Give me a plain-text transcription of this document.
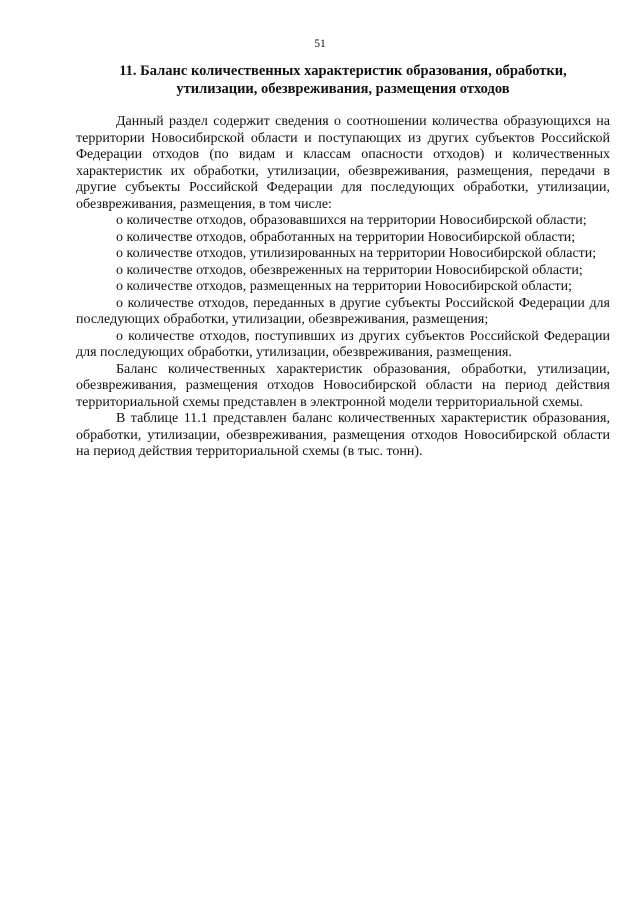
51
11. Баланс количественных характеристик образования, обработки,
утилизации, обезвреживания, размещения отходов

Данный раздел содержит сведения о соотношении количества образующихся на территории Новосибирской области и поступающих из других субъектов Российской Федерации отходов (по видам и классам опасности отходов) и количественных характеристик их обработки, утилизации, обезвреживания, размещения, передачи в другие субъекты Российской Федерации для последующих обработки, утилизации, обезвреживания, размещения, в том числе:

о количестве отходов, образовавшихся на территории Новосибирской области;

о количестве отходов, обработанных на территории Новосибирской области;

о количестве отходов, утилизированных на территории Новосибирской области;

о количестве отходов, обезвреженных на территории Новосибирской области;

о количестве отходов, размещенных на территории Новосибирской области;

о количестве отходов, переданных в другие субъекты Российской Федерации для последующих обработки, утилизации, обезвреживания, размещения;

о количестве отходов, поступивших из других субъектов Российской Федерации для последующих обработки, утилизации, обезвреживания, размещения.

Баланс количественных характеристик образования, обработки, утилизации, обезвреживания, размещения отходов Новосибирской области на период действия территориальной схемы представлен в электронной модели территориальной схемы.

В таблице 11.1 представлен баланс количественных характеристик образования, обработки, утилизации, обезвреживания, размещения отходов Новосибирской области на период действия территориальной схемы (в тыс. тонн).
